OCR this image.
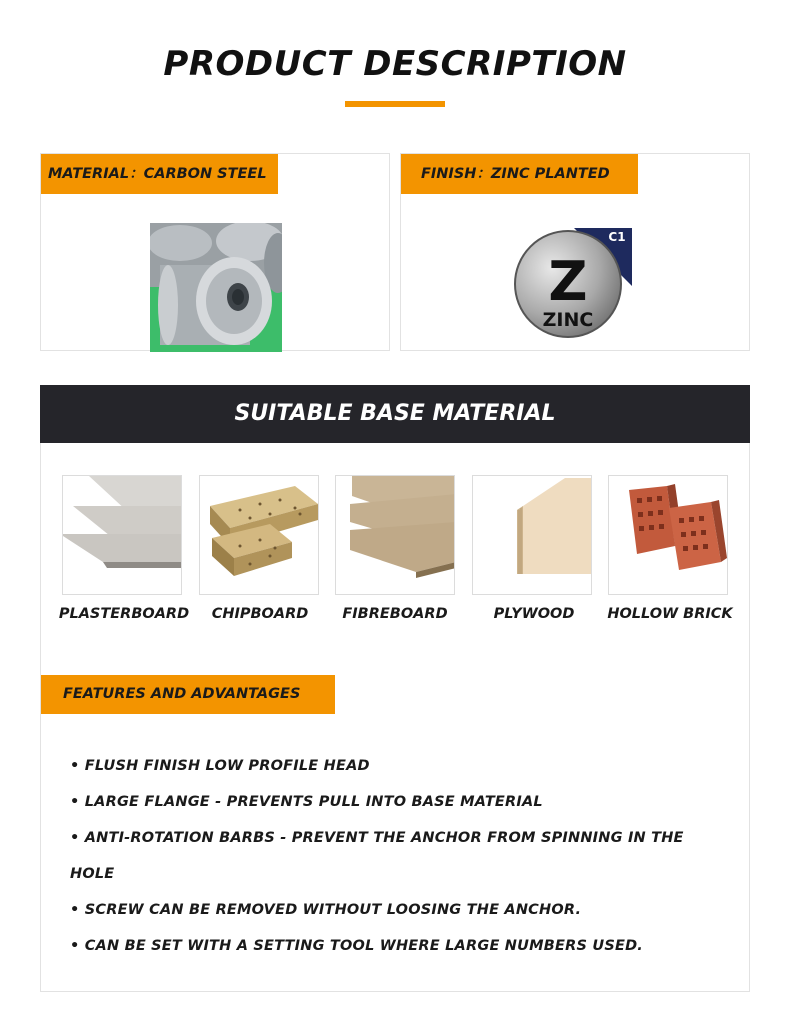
PRODUCT DESCRIPTION
MATERIAL：CARBON STEEL	FINISH：ZINC PLANTED
C1
Z
ZINC
SUITABLE BASE MATERIAL
PLASTERBOARD	CHIPBOARD	FIBREBOARD	PLYWOOD	HOLLOW BRICK
FEATURES AND ADVANTAGES
• FLUSH FINISH LOW PROFILE HEAD
• LARGE FLANGE - PREVENTS PULL INTO BASE MATERIAL
• ANTI-ROTATION BARBS - PREVENT THE ANCHOR FROM SPINNING IN THE HOLE
• SCREW CAN BE REMOVED WITHOUT LOOSING THE ANCHOR.
• CAN BE SET WITH A SETTING TOOL WHERE LARGE NUMBERS USED.
